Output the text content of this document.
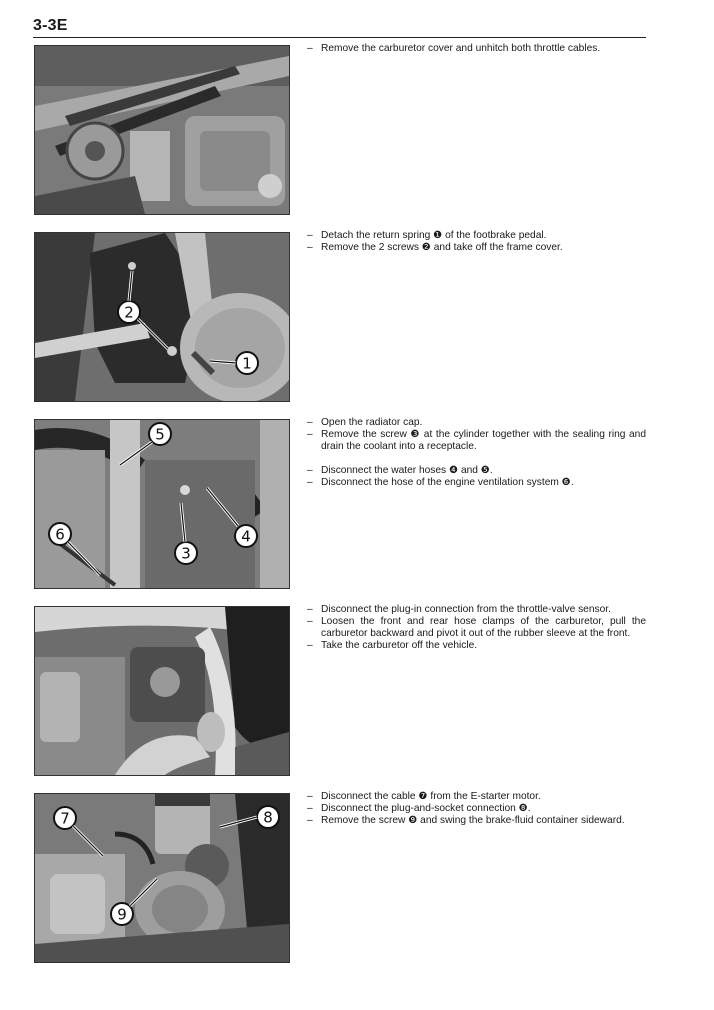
3-3E
– Remove the carburetor cover and unhitch both throttle cables.
2
1
– Detach the return spring ❶ of the footbrake pedal.
– Remove the 2 screws ❷ and take off the frame cover.
5
4
3
6
– Open the radiator cap.
– Remove the screw ❸ at the cylinder together with the sealing ring and drain the coolant into a receptacle.
– Disconnect the water hoses ❹ and ❺.
– Disconnect the hose of the engine ventilation system ❻.
– Disconnect the plug-in connection from the throttle-valve sensor.
– Loosen the front and rear hose clamps of the carburetor, pull the carburetor backward and pivot it out of the rubber sleeve at the front.
– Take the carburetor off the vehicle.
7	8
9
– Disconnect the cable ❼ from the E-starter motor.
– Disconnect the plug-and-socket connection ❽.
– Remove the screw ❾ and swing the brake-fluid container sideward.
